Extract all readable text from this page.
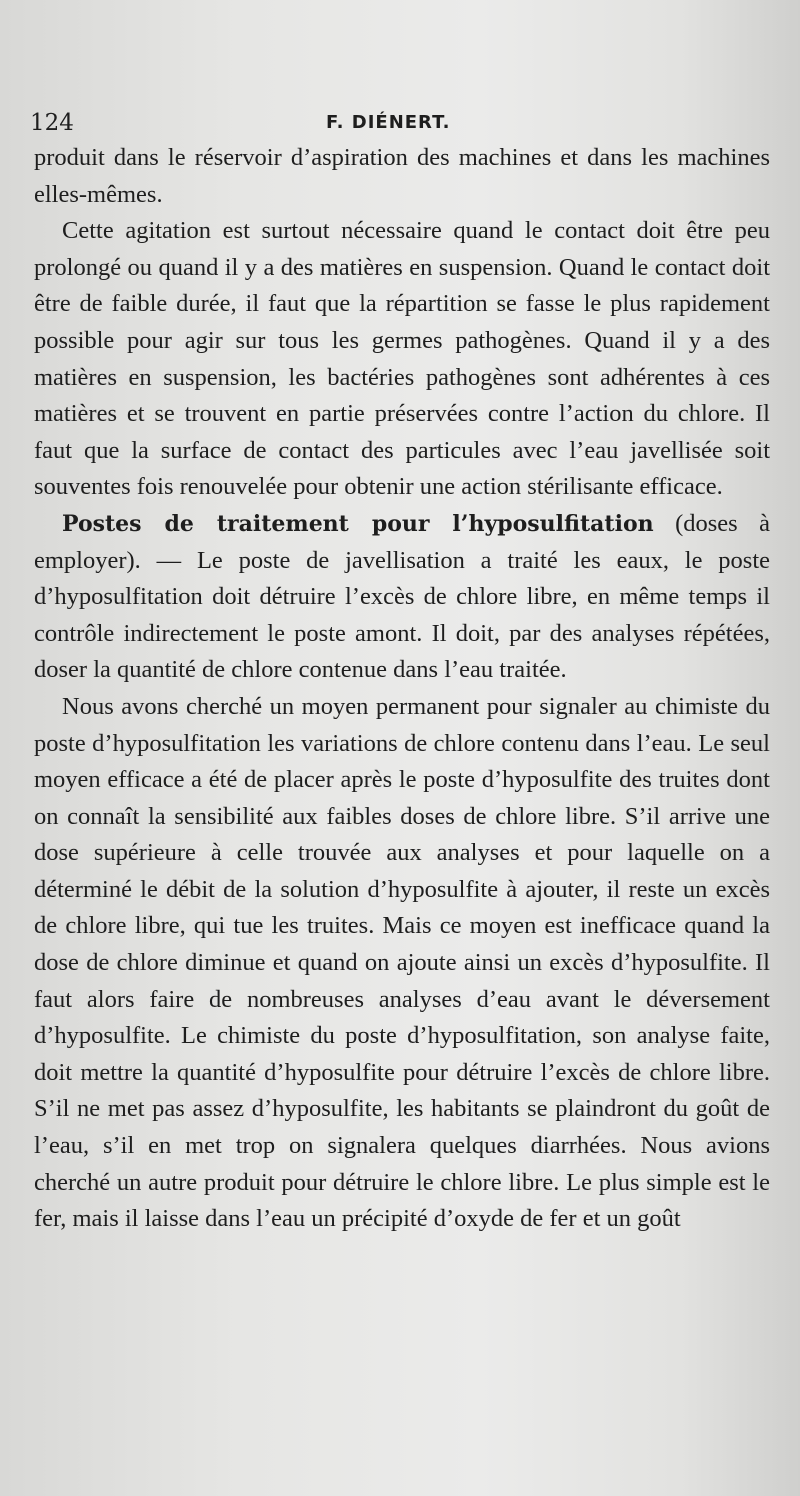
124	F. DIÉNERT.

produit dans le réservoir d’aspiration des machines et dans les machines elles-mêmes.

Cette agitation est surtout nécessaire quand le contact doit être peu prolongé ou quand il y a des matières en suspension. Quand le contact doit être de faible durée, il faut que la répartition se fasse le plus rapidement possible pour agir sur tous les germes pathogènes. Quand il y a des matières en suspension, les bactéries pathogènes sont adhérentes à ces matières et se trouvent en partie préservées contre l’action du chlore. Il faut que la surface de contact des particules avec l’eau javellisée soit souventes fois renouvelée pour obtenir une action stérilisante efficace.

Postes de traitement pour l’hyposulfitation (doses à employer). — Le poste de javellisation a traité les eaux, le poste d’hyposulfitation doit détruire l’excès de chlore libre, en même temps il contrôle indirectement le poste amont. Il doit, par des analyses répétées, doser la quantité de chlore contenue dans l’eau traitée.

Nous avons cherché un moyen permanent pour signaler au chimiste du poste d’hyposulfitation les variations de chlore contenu dans l’eau. Le seul moyen efficace a été de placer après le poste d’hyposulfite des truites dont on connaît la sensibilité aux faibles doses de chlore libre. S’il arrive une dose supérieure à celle trouvée aux analyses et pour laquelle on a déterminé le débit de la solution d’hyposulfite à ajouter, il reste un excès de chlore libre, qui tue les truites. Mais ce moyen est inefficace quand la dose de chlore diminue et quand on ajoute ainsi un excès d’hyposulfite. Il faut alors faire de nombreuses analyses d’eau avant le déversement d’hyposulfite. Le chimiste du poste d’hyposulfitation, son analyse faite, doit mettre la quantité d’hyposulfite pour détruire l’excès de chlore libre. S’il ne met pas assez d’hyposulfite, les habitants se plaindront du goût de l’eau, s’il en met trop on signalera quelques diarrhées. Nous avions cherché un autre produit pour détruire le chlore libre. Le plus simple est le fer, mais il laisse dans l’eau un précipité d’oxyde de fer et un goût
